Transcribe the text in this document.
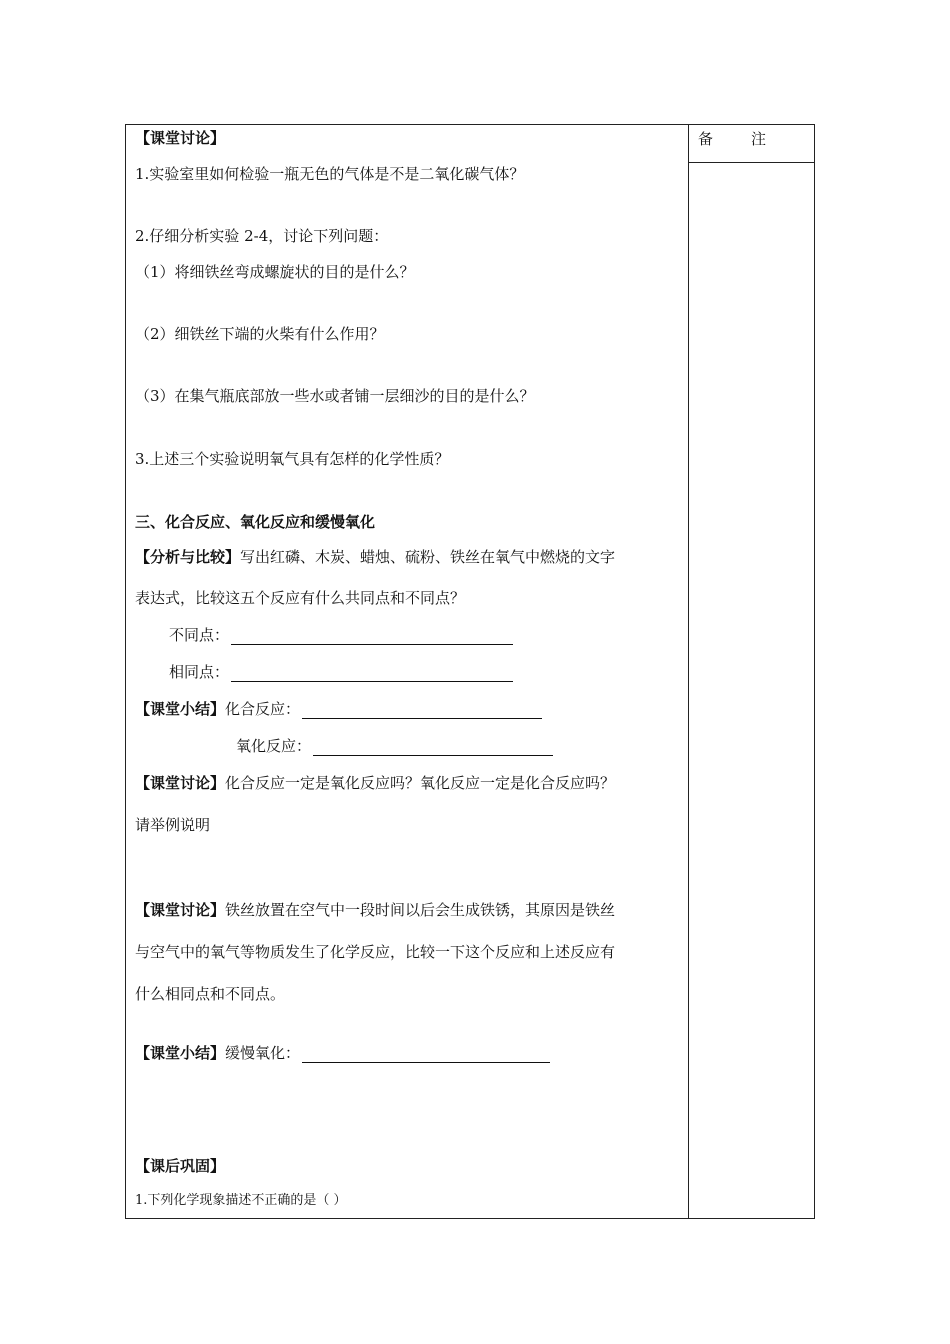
备	注
【课堂讨论】
1.实验室里如何检验一瓶无色的气体是不是二氧化碳气体？
2.仔细分析实验 2-4，讨论下列问题：
（1）将细铁丝弯成螺旋状的目的是什么？
（2）细铁丝下端的火柴有什么作用？
（3）在集气瓶底部放一些水或者铺一层细沙的目的是什么？
3.上述三个实验说明氧气具有怎样的化学性质？
三、化合反应、氧化反应和缓慢氧化
【分析与比较】写出红磷、木炭、蜡烛、硫粉、铁丝在氧气中燃烧的文字
表达式，比较这五个反应有什么共同点和不同点？
不同点：
相同点：
【课堂小结】化合反应：
氧化反应：
【课堂讨论】化合反应一定是氧化反应吗？氧化反应一定是化合反应吗？
请举例说明
【课堂讨论】铁丝放置在空气中一段时间以后会生成铁锈，其原因是铁丝
与空气中的氧气等物质发生了化学反应，比较一下这个反应和上述反应有
什么相同点和不同点。
【课堂小结】缓慢氧化：
【课后巩固】
1.下列化学现象描述不正确的是（ ）
